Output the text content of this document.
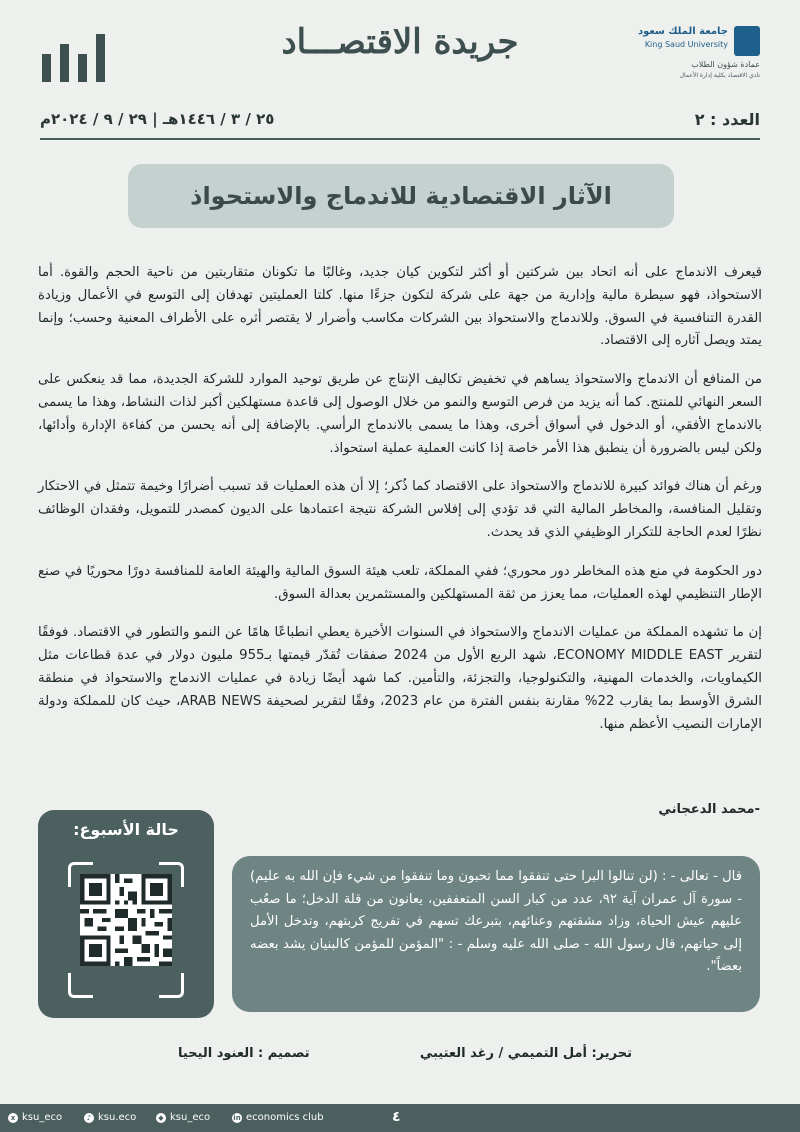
جريدة الاقتصـــاد	جامعة الملك سعود
King Saud University
عمادة شؤون الطلاب
نادي الاقتصاد بكلية إدارة الأعمال
العدد : ٢
٢٥ / ٣ / ١٤٤٦هـ | ٢٩ / ٩ / ٢٠٢٤م
الآثار الاقتصادية للاندماج والاستحواذ

قيعرف الاندماج على أنه اتحاد بين شركتين أو أكثر لتكوين كيان جديد، وغالبًا ما تكونان متقاربتين من ناحية الحجم والقوة. أما الاستحواذ، فهو سيطرة مالية وإدارية من جهة على شركة لتكون جزءًا منها. كلتا العمليتين تهدفان إلى التوسع في الأعمال وزيادة القدرة التنافسية في السوق. وللاندماج والاستحواذ بين الشركات مكاسب وأضرار لا يقتصر أثره على الأطراف المعنية وحسب؛ وإنما يمتد ويصل آثاره إلى الاقتصاد.

من المنافع أن الاندماج والاستحواذ يساهم في تخفيض تكاليف الإنتاج عن طريق توحيد الموارد للشركة الجديدة، مما قد ينعكس على السعر النهائي للمنتج. كما أنه يزيد من فرص التوسع والنمو من خلال الوصول إلى قاعدة مستهلكين أكبر لذات النشاط، وهذا ما يسمى بالاندماج الأفقي، أو الدخول في أسواق أخرى، وهذا ما يسمى بالاندماج الرأسي. بالإضافة إلى أنه يحسن من كفاءة الإدارة وأدائها، ولكن ليس بالضرورة أن ينطبق هذا الأمر خاصة إذا كانت العملية عملية استحواذ.

ورغم أن هناك فوائد كبيرة للاندماج والاستحواذ على الاقتصاد كما ذُكر؛ إلا أن هذه العمليات قد تسبب أضرارًا وخيمة تتمثل في الاحتكار وتقليل المنافسة، والمخاطر المالية التي قد تؤدي إلى إفلاس الشركة نتيجة اعتمادها على الديون كمصدر للتمويل، وفقدان الوظائف نظرًا لعدم الحاجة للتكرار الوظيفي الذي قد يحدث.

دور الحكومة في منع هذه المخاطر دور محوري؛ ففي المملكة، تلعب هيئة السوق المالية والهيئة العامة للمنافسة دورًا محوريًا في صنع الإطار التنظيمي لهذه العمليات، مما يعزز من ثقة المستهلكين والمستثمرين بعدالة السوق.

إن ما تشهده المملكة من عمليات الاندماج والاستحواذ في السنوات الأخيرة يعطي انطباعًا هامًا عن النمو والتطور في الاقتصاد. فوفقًا لتقرير ECONOMY MIDDLE EAST، شهد الربع الأول من 2024 صفقات تُقدّر قيمتها بـ955 مليون دولار في عدة قطاعات مثل الكيماويات، والخدمات المهنية، والتكنولوجيا، والتجزئة، والتأمين. كما شهد أيضًا زيادة في عمليات الاندماج والاستحواذ في منطقة الشرق الأوسط بما يقارب 22% مقارنة بنفس الفترة من عام 2023، وفقًا لتقرير لصحيفة ARAB NEWS، حيث كان للمملكة ودولة الإمارات النصيب الأعظم منها.

-محمد الدعجاني
حالة الأسبوع:
قال - تعالى - : (لن تنالوا البرا حتى تنفقوا مما تحبون وما تنفقوا من شيء فإن الله به عليم) - سورة آل عمران آية ٩٢، عدد من كبار السن المتعففين، يعانون من قلة الدخل؛ ما صعُب عليهم عيش الحياة، وزاد مشقتهم وعنائهم، بتبرعك تسهم في تفريج كربتهم، وتدخل الأمل إلى حياتهم، قال رسول الله - صلى الله عليه وسلم - : "المؤمن للمؤمن كالبنيان يشد بعضه بعضاً".
تحرير: أمل التميمي / رغد العتيبي
تصميم : العنود اليحيا
x ksu_eco	♪ ksu.eco	◆ ksu_eco	٤
in economics club
